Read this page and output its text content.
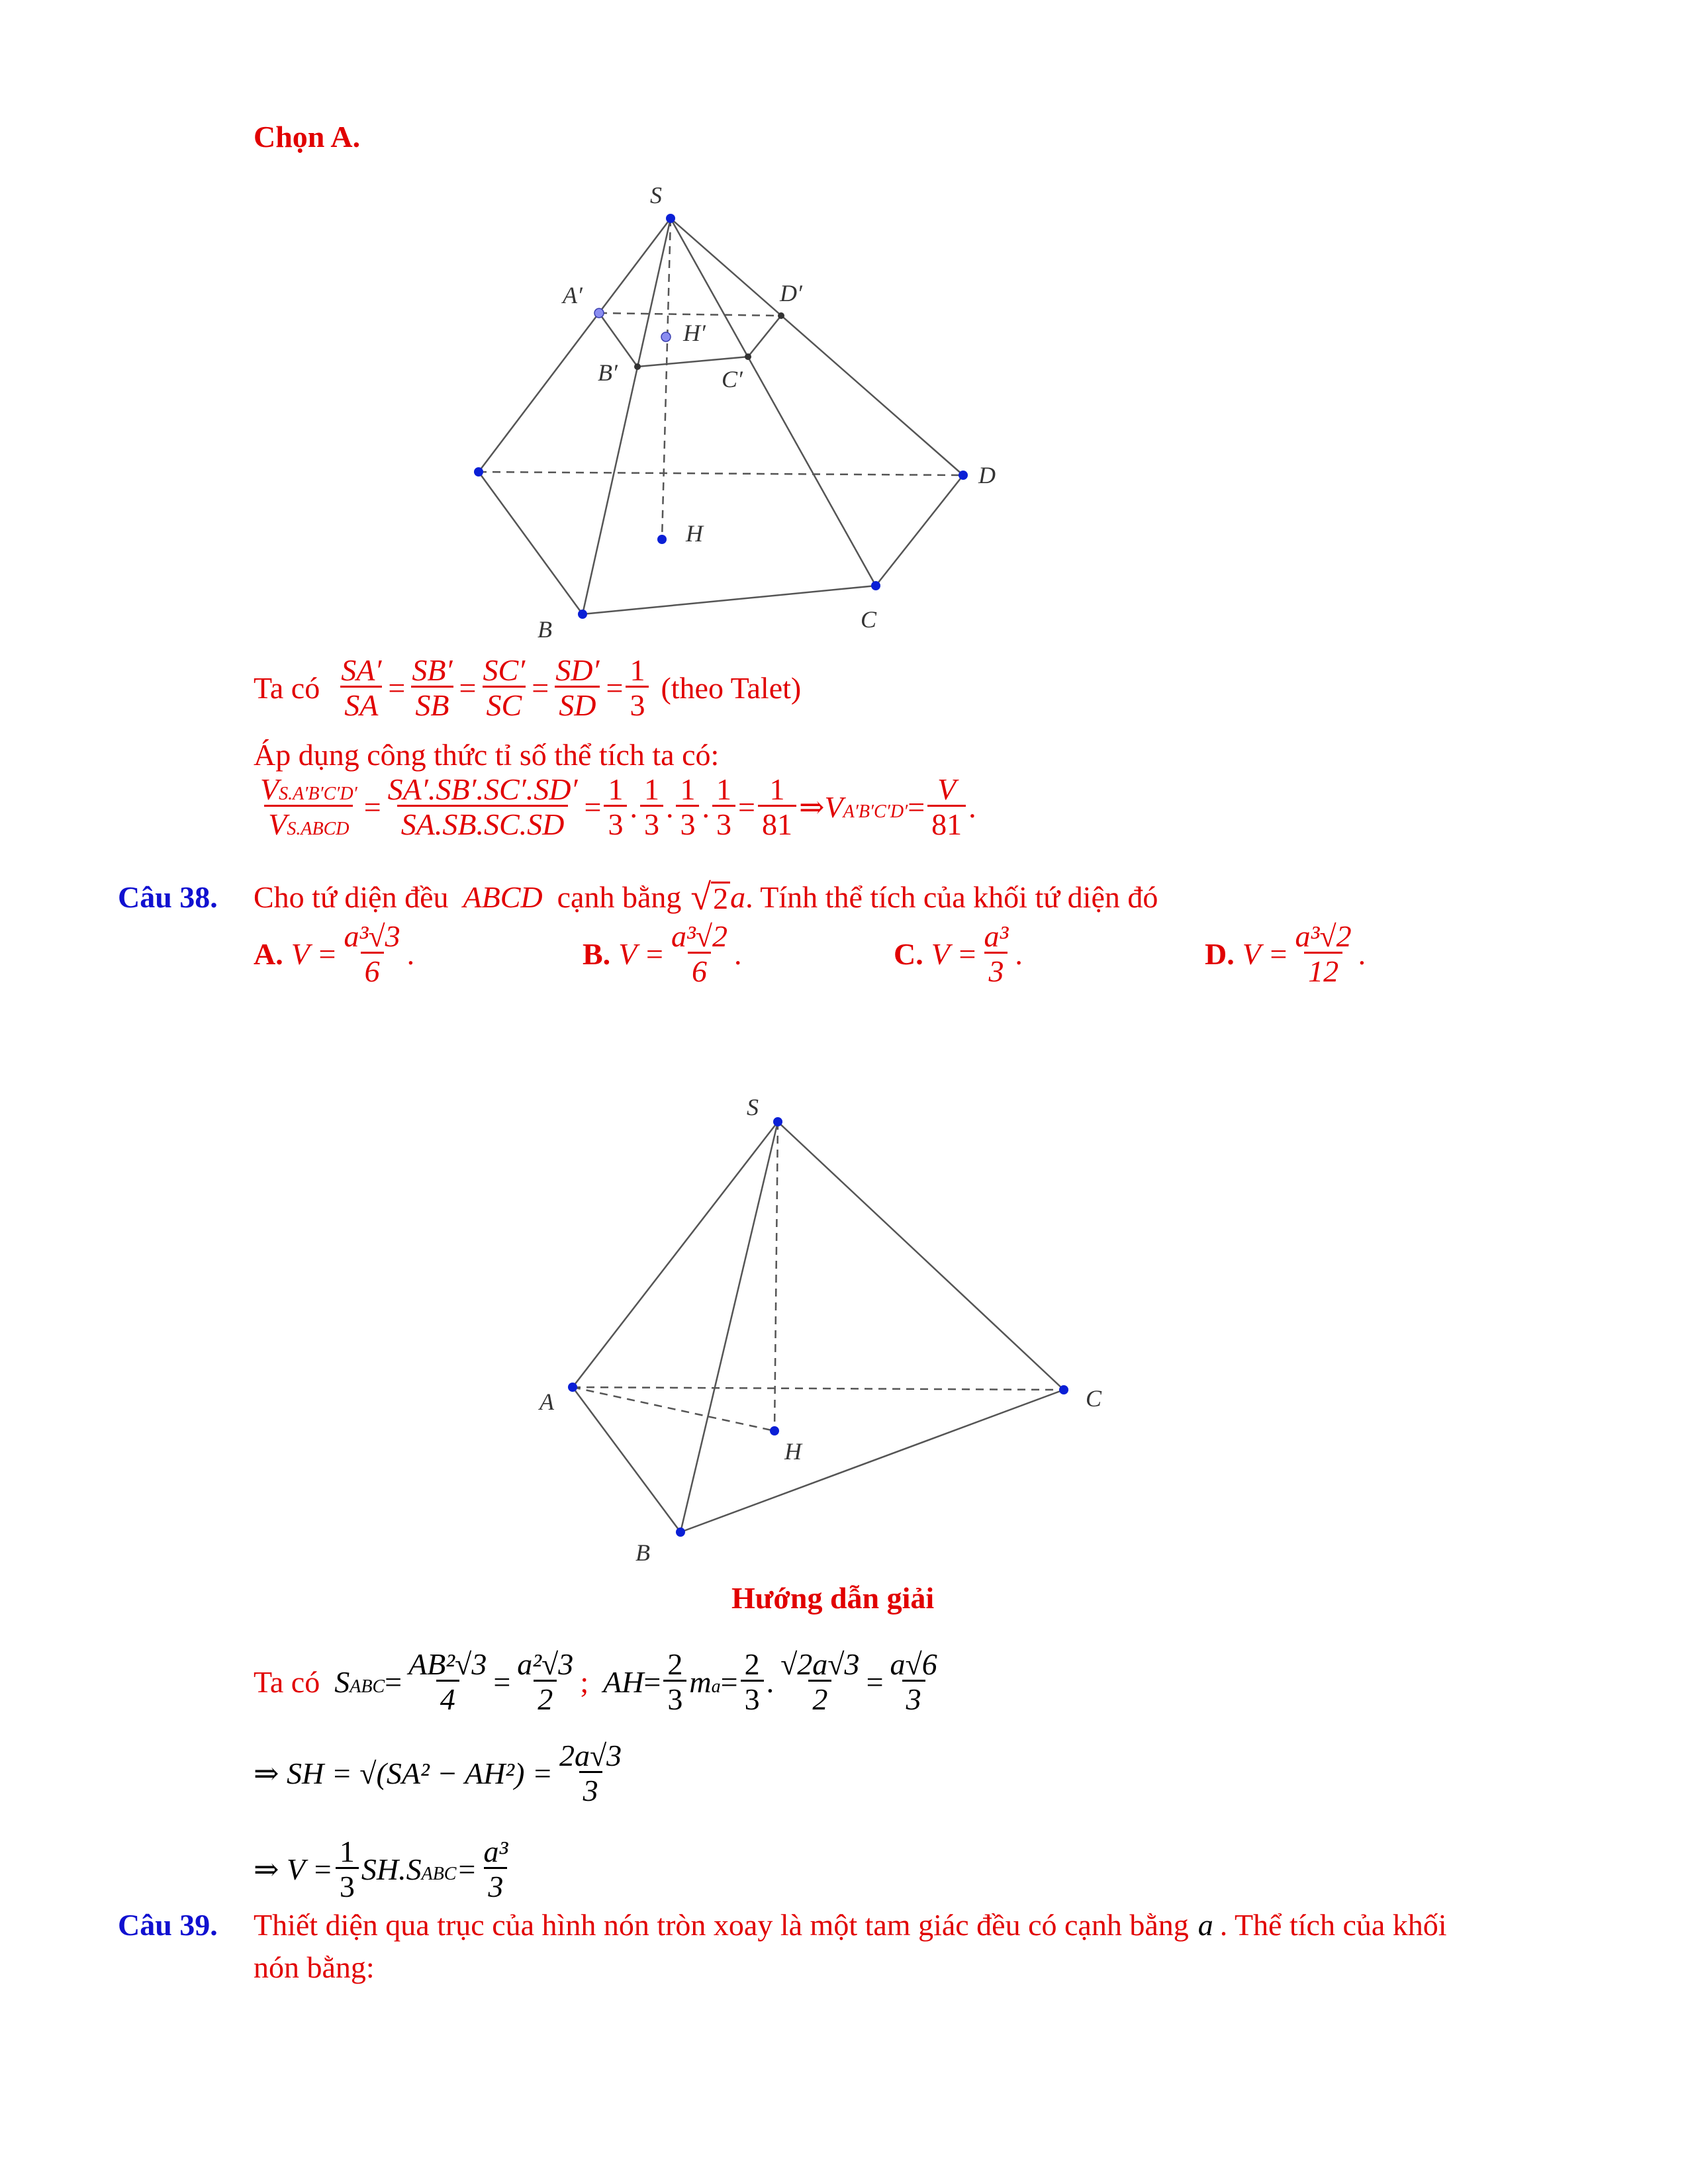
Chọn A.
S
A′	D′
H′
B′	C′
D
H
B	C
Ta có $\frac{SA'}{SA} = \frac{SB'}{SB} = \frac{SC'}{SC} = \frac{SD'}{SD} = \frac{1}{3}$ (theo Talet)
Áp dụng công thức tỉ số thể tích ta có:
$\frac{VS.A'B'C'D'}{\text{VS.ABCD}} = \frac{SA'.SB'.SC'.SD'}{SA.SB.SC.SD} = \frac{1}{3}$ . $\frac{1}{3}$ . $\frac{1}{3}$ . $\frac{1}{3} = \frac{1}{81}$ ⇒ $VA'B'C'D' = \frac{V}{81}$ .
Câu 38. Cho tứ diện đều ABCD cạnh bằng √ 2 a . Tính thể tích của khối tứ diện đó
A. $V = \frac{\text{a³√3}}{6}$ .	B. $V = \frac{\text{a³√2}}{6}$ .	C. $V = \frac{\text{a³}}{3}$ .	D. $V = \frac{\text{a³√2}}{12}$ .
S
A	C
H
B
Hướng dẫn giải
Ta có SABC = $\frac{\text{AB²√3}}{4} = \frac{\text{a²√3}}{2}$ ; AH = $\frac{2}{3}$ ma = $\frac{2}{3}$ . $\frac{√2a√3}{2} = \frac{a√6}{3}$
⇒ SH = $√(SA^2 - AH^2) = \frac{2a√3}{3}$
⇒ $V = \frac{1}{3}$ SH.SABC = $\frac{\text{a³}}{3}$
Câu 39. Thiết diện qua trục của hình nón tròn xoay là một tam giác đều có cạnh bằng a . Thể tích của khối
nón bằng:
